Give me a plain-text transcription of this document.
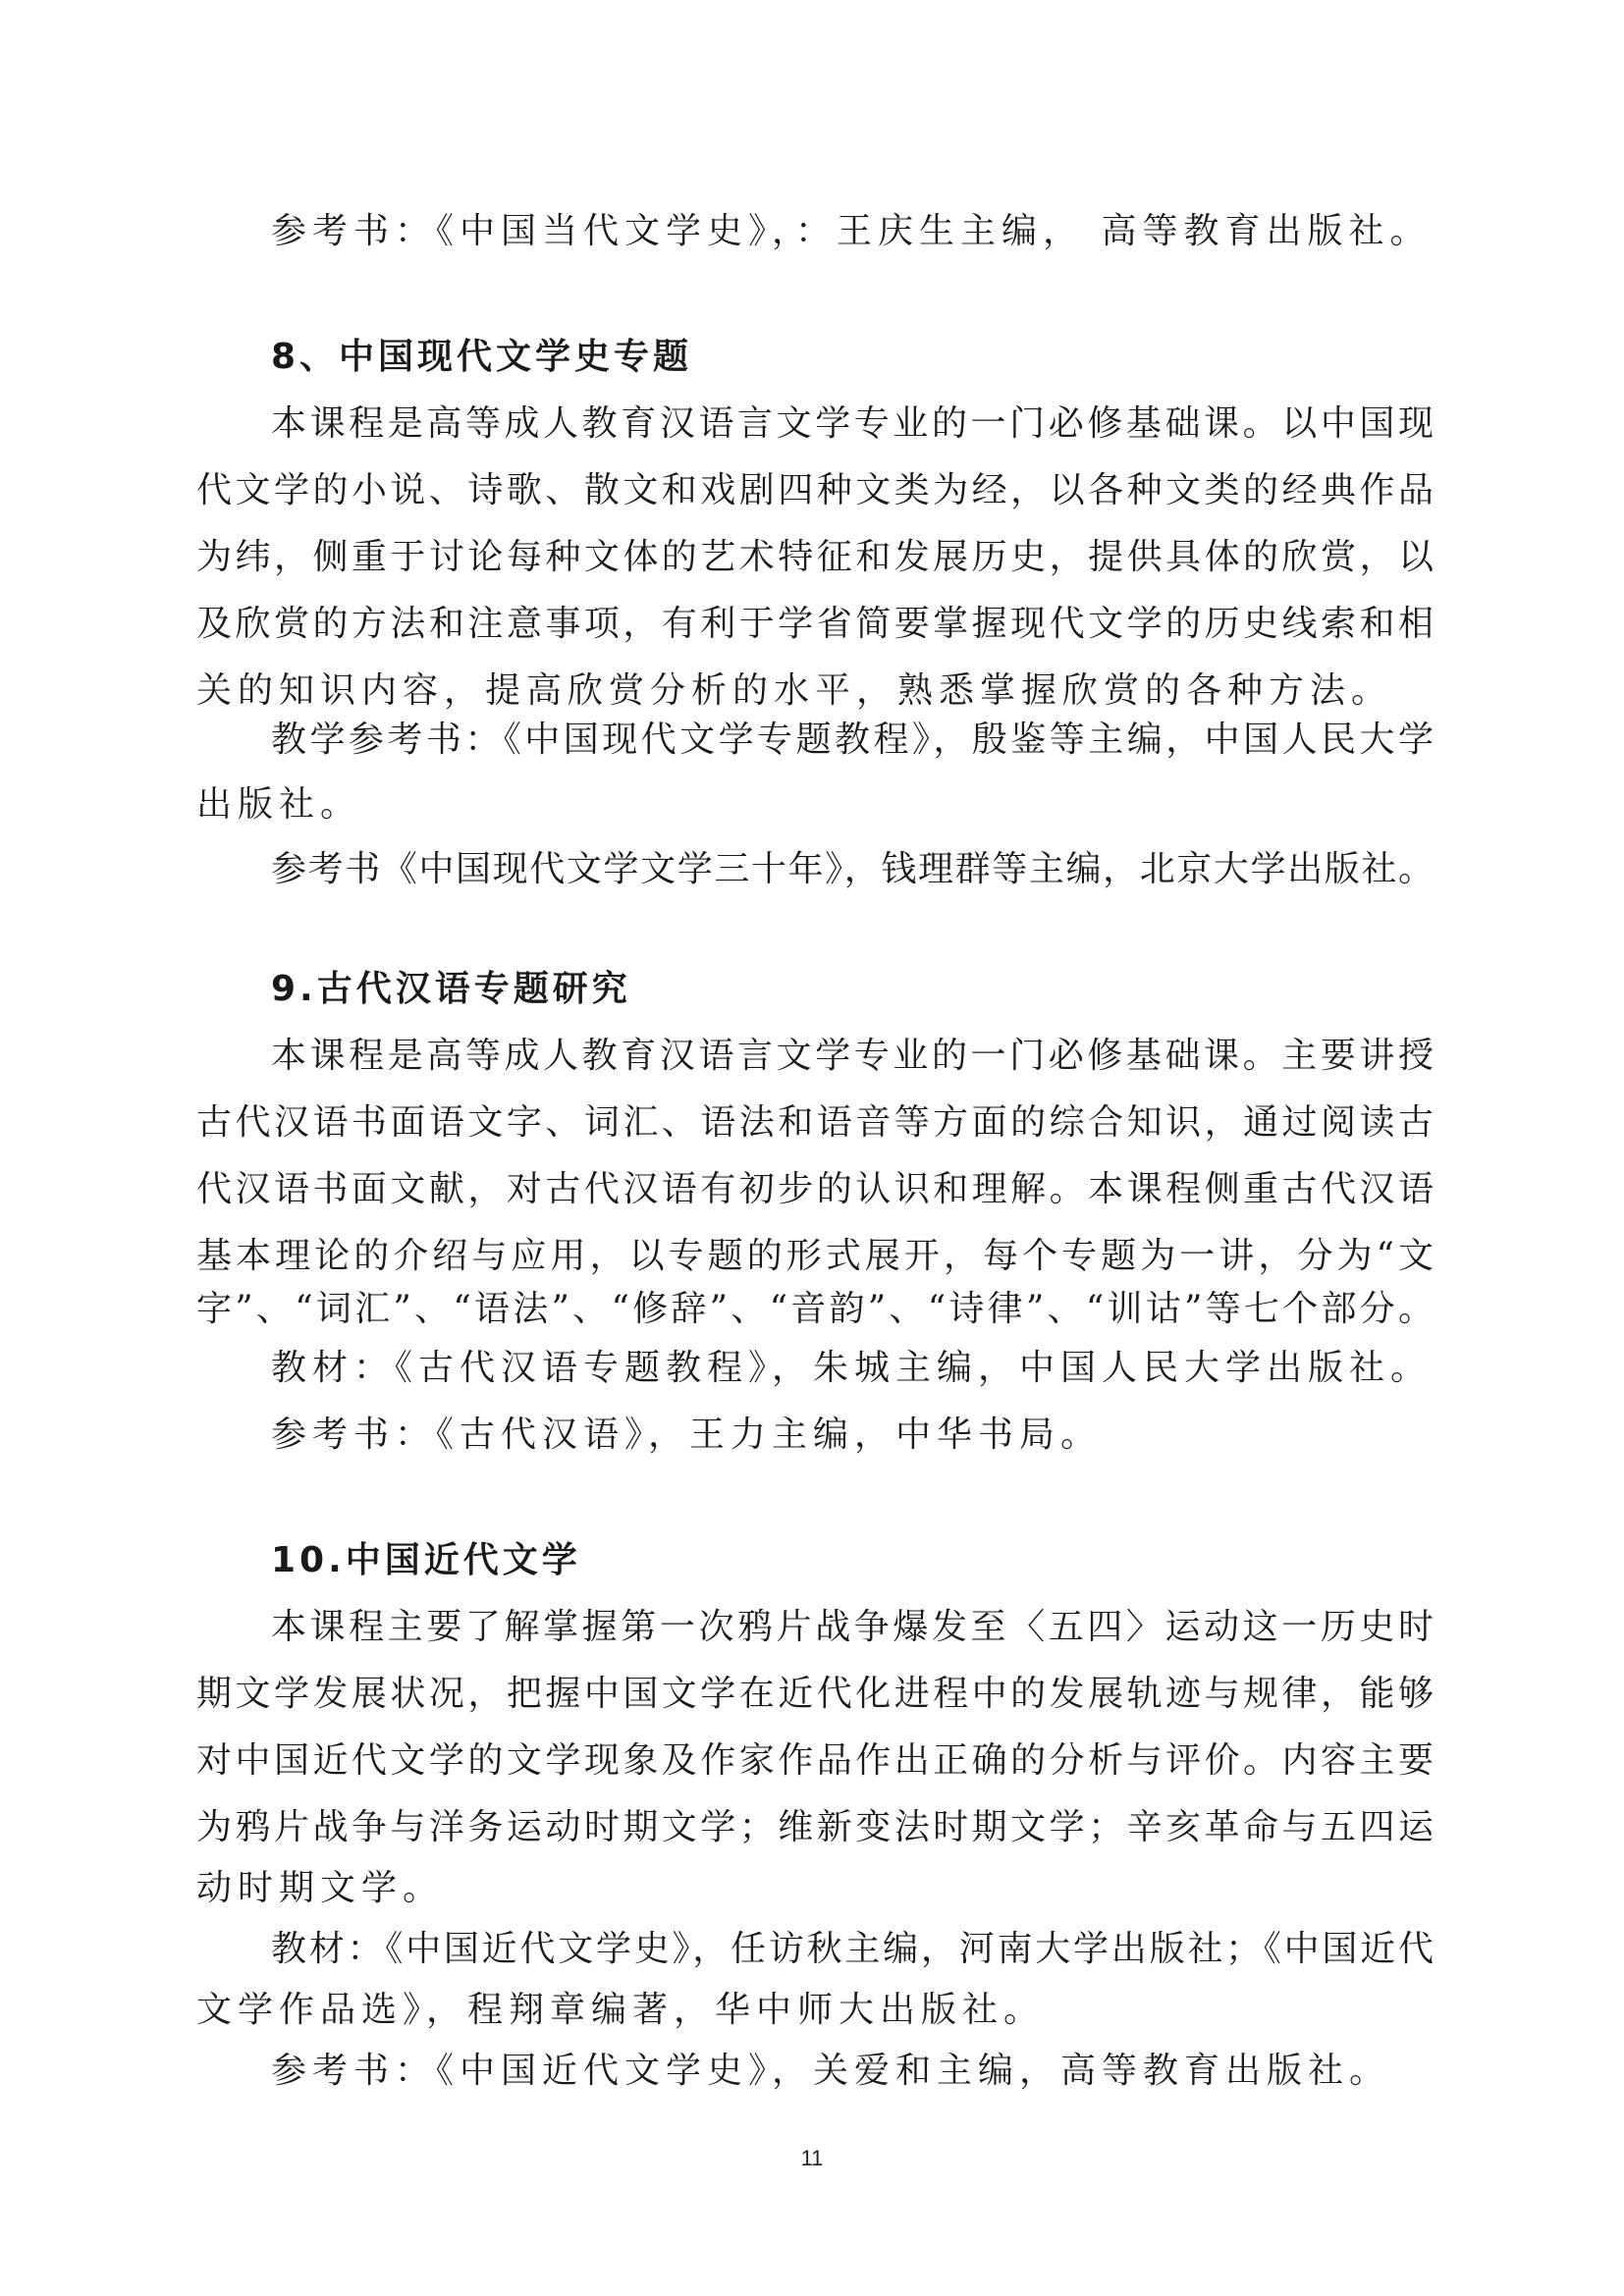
参考书：《中国当代文学史》，：王庆生主编， 高等教育出版社。
8、中国现代文学史专题
本课程是高等成人教育汉语言文学专业的一门必修基础课。以中国现
代文学的小说、诗歌、散文和戏剧四种文类为经，以各种文类的经典作品
为纬，侧重于讨论每种文体的艺术特征和发展历史，提供具体的欣赏，以
及欣赏的方法和注意事项，有利于学省简要掌握现代文学的历史线索和相
关的知识内容，提高欣赏分析的水平，熟悉掌握欣赏的各种方法。
教学参考书：《中国现代文学专题教程》，殷鉴等主编，中国人民大学
出版社。
参考书《中国现代文学文学三十年》，钱理群等主编，北京大学出版社。
9.古代汉语专题研究
本课程是高等成人教育汉语言文学专业的一门必修基础课。主要讲授
古代汉语书面语文字、词汇、语法和语音等方面的综合知识，通过阅读古
代汉语书面文献，对古代汉语有初步的认识和理解。本课程侧重古代汉语
基本理论的介绍与应用，以专题的形式展开，每个专题为一讲，分为“文
字”、“词汇”、“语法”、“修辞”、“音韵”、“诗律”、“训诂”等七个部分。
教材：《古代汉语专题教程》，朱城主编，中国人民大学出版社。
参考书：《古代汉语》，王力主编，中华书局。
10.中国近代文学
本课程主要了解掌握第一次鸦片战争爆发至〈五四〉运动这一历史时
期文学发展状况，把握中国文学在近代化进程中的发展轨迹与规律，能够
对中国近代文学的文学现象及作家作品作出正确的分析与评价。内容主要
为鸦片战争与洋务运动时期文学；维新变法时期文学；辛亥革命与五四运
动时期文学。
教材：《中国近代文学史》，任访秋主编，河南大学出版社；《中国近代
文学作品选》，程翔章编著，华中师大出版社。
参考书：《中国近代文学史》，关爱和主编，高等教育出版社。
11
